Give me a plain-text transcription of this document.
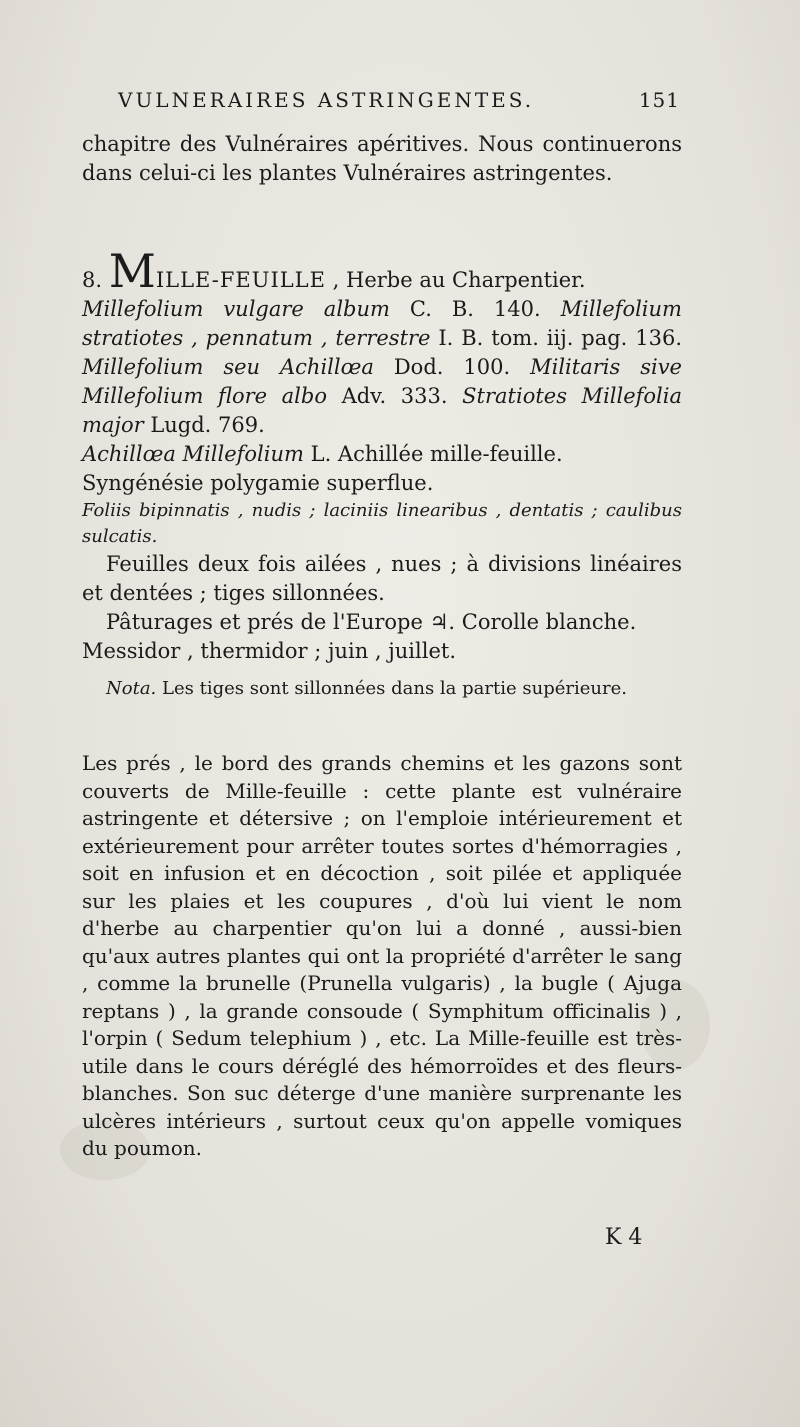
VULNERAIRES ASTRINGENTES.	151

chapitre des Vulnéraires apéritives. Nous continuerons dans celui-ci les plantes Vulnéraires astringentes.

8. MILLE-FEUILLE , Herbe au Charpentier.

Millefolium vulgare album C. B. 140. Millefolium stratiotes , pennatum , terrestre I. B. tom. iij. pag. 136. Millefolium seu Achillœa Dod. 100. Militaris sive Millefolium flore albo Adv. 333. Stratiotes Millefolia major Lugd. 769.

Achillœa Millefolium L. Achillée mille-feuille.

Syngénésie polygamie superflue.

Foliis bipinnatis , nudis ; laciniis linearibus , dentatis ; caulibus sulcatis.

Feuilles deux fois ailées , nues ; à divisions linéaires et dentées ; tiges sillonnées.

Pâturages et prés de l'Europe ♃. Corolle blanche.

Messidor , thermidor ; juin , juillet.

Nota. Les tiges sont sillonnées dans la partie supérieure.

Les prés , le bord des grands chemins et les gazons sont couverts de Mille-feuille : cette plante est vulnéraire astringente et détersive ; on l'emploie intérieurement et extérieurement pour arrêter toutes sortes d'hémorragies , soit en infusion et en décoction , soit pilée et appliquée sur les plaies et les coupures , d'où lui vient le nom d'herbe au charpentier qu'on lui a donné , aussi-bien qu'aux autres plantes qui ont la propriété d'arrêter le sang , comme la brunelle (Prunella vulgaris) , la bugle ( Ajuga reptans ) , la grande consoude ( Symphitum officinalis ) , l'orpin ( Sedum telephium ) , etc. La Mille-feuille est très-utile dans le cours déréglé des hémorroïdes et des fleurs-blanches. Son suc déterge d'une manière surprenante les ulcères intérieurs , surtout ceux qu'on appelle vomiques du poumon.

K 4
